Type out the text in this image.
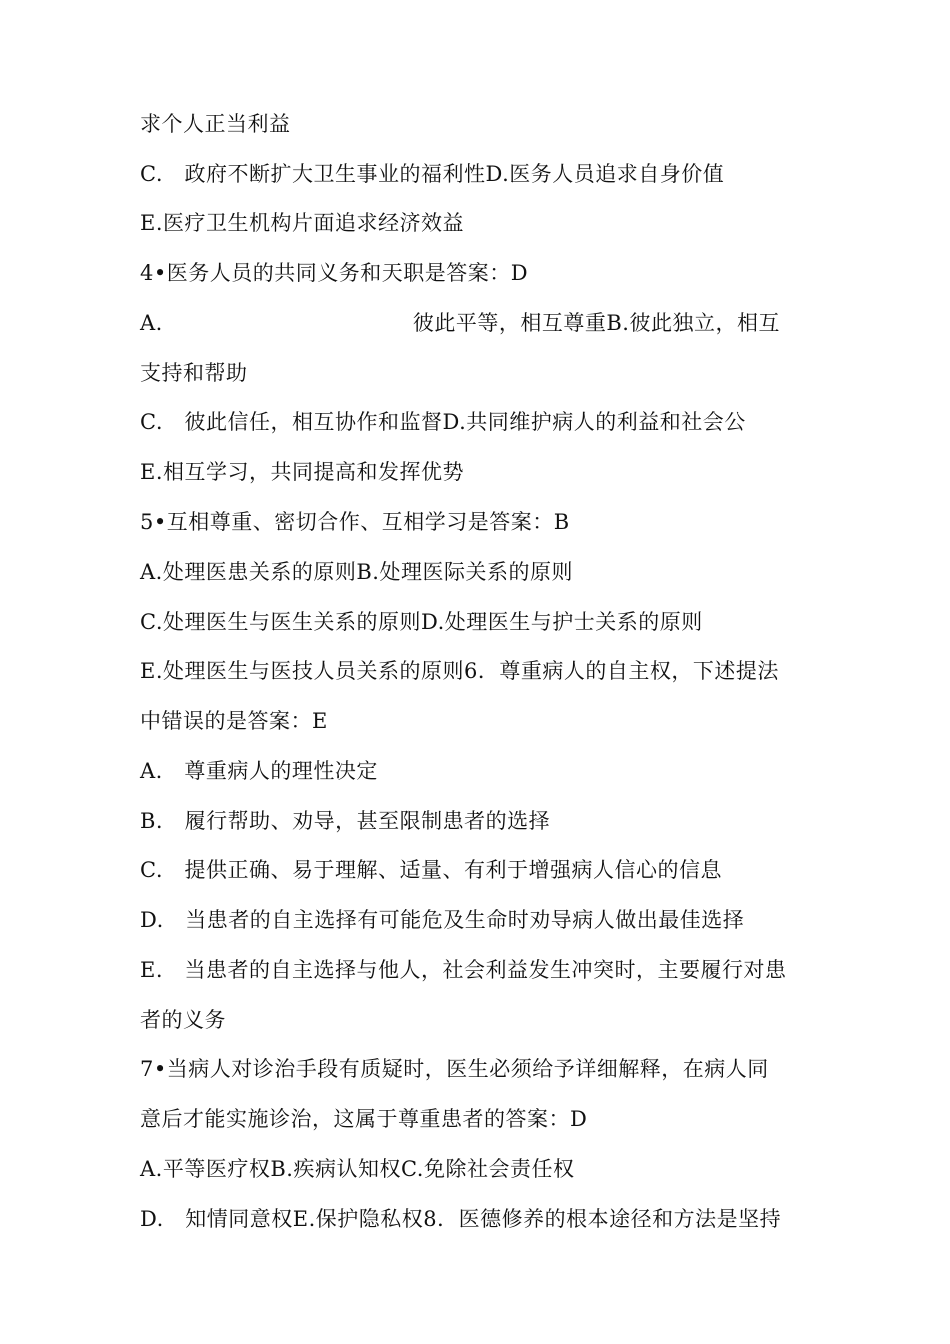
求个人正当利益
C.　政府不断扩大卫生事业的福利性D.医务人员追求自身价值
E.医疗卫生机构片面追求经济效益
4•医务人员的共同义务和天职是答案：D
A.	彼此平等，相互尊重B.彼此独立，相互
支持和帮助
C.　彼此信任，相互协作和监督D.共同维护病人的利益和社会公
E.相互学习，共同提高和发挥优势
5•互相尊重、密切合作、互相学习是答案：B
A.处理医患关系的原则B.处理医际关系的原则
C.处理医生与医生关系的原则D.处理医生与护士关系的原则
E.处理医生与医技人员关系的原则6．尊重病人的自主权，下述提法
中错误的是答案：E
A.　尊重病人的理性决定
B.　履行帮助、劝导，甚至限制患者的选择
C.　提供正确、易于理解、适量、有利于增强病人信心的信息
D.　当患者的自主选择有可能危及生命时劝导病人做出最佳选择
E.　当患者的自主选择与他人，社会利益发生冲突时，主要履行对患
者的义务
7•当病人对诊治手段有质疑时，医生必须给予详细解释，在病人同
意后才能实施诊治，这属于尊重患者的答案：D
A.平等医疗权B.疾病认知权C.免除社会责任权
D.　知情同意权E.保护隐私权8．医德修养的根本途径和方法是坚持
